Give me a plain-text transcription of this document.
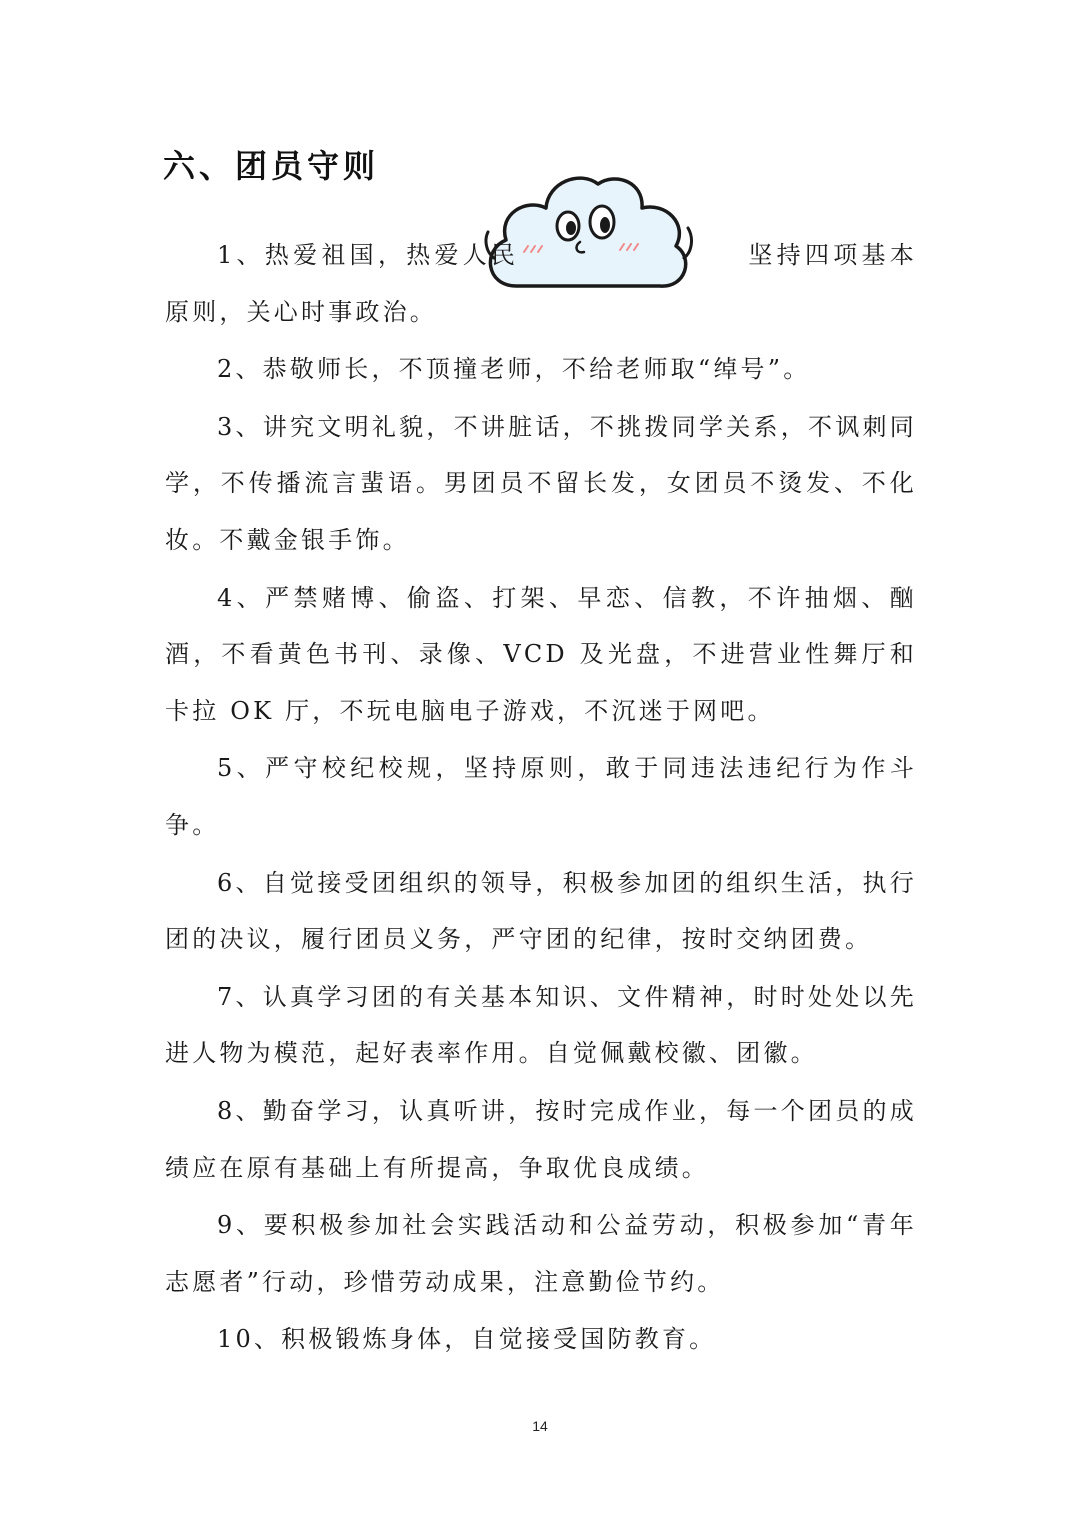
六、团员守则

1、热爱祖国，热爱人民	坚持四项基本原则，关心时事政治。

2、恭敬师长，不顶撞老师，不给老师取“绰号”。

3、讲究文明礼貌，不讲脏话，不挑拨同学关系，不讽刺同学，不传播流言蜚语。男团员不留长发，女团员不烫发、不化妆。不戴金银手饰。

4、严禁赌博、偷盗、打架、早恋、信教，不许抽烟、酗酒，不看黄色书刊、录像、VCD 及光盘，不进营业性舞厅和卡拉 OK 厅，不玩电脑电子游戏，不沉迷于网吧。

5、严守校纪校规，坚持原则，敢于同违法违纪行为作斗争。

6、自觉接受团组织的领导，积极参加团的组织生活，执行团的决议，履行团员义务，严守团的纪律，按时交纳团费。

7、认真学习团的有关基本知识、文件精神，时时处处以先进人物为模范，起好表率作用。自觉佩戴校徽、团徽。

8、勤奋学习，认真听讲，按时完成作业，每一个团员的成绩应在原有基础上有所提高，争取优良成绩。

9、要积极参加社会实践活动和公益劳动，积极参加“青年志愿者”行动，珍惜劳动成果，注意勤俭节约。

10、积极锻炼身体，自觉接受国防教育。

14
